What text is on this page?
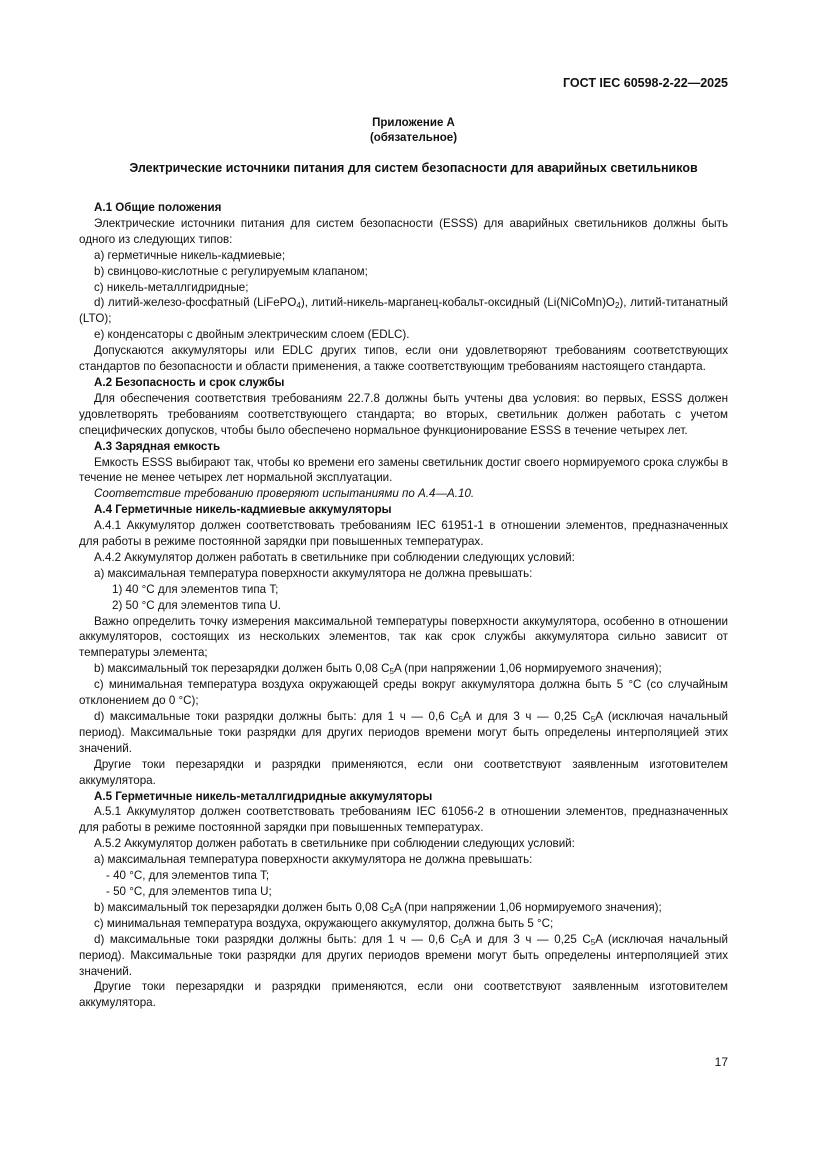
ГОСТ IEC 60598-2-22—2025
Приложение А
(обязательное)
Электрические источники питания для систем безопасности для аварийных светильников
А.1 Общие положения

Электрические источники питания для систем безопасности (ESSS) для аварийных светильников должны быть одного из следующих типов:

a) герметичные никель-кадмиевые;

b) свинцово-кислотные с регулируемым клапаном;

c) никель-металлгидридные;

d) литий-железо-фосфатный (LiFePO$_4$), литий-никель-марганец-кобальт-оксидный $(Li(NiCoMn)O_2)$, литий-титанатный (LTO);

e) конденсаторы с двойным электрическим слоем (EDLC).

Допускаются аккумуляторы или EDLC других типов, если они удовлетворяют требованиям соответствующих стандартов по безопасности и области применения, а также соответствующим требованиям настоящего стандарта.

А.2 Безопасность и срок службы

Для обеспечения соответствия требованиям 22.7.8 должны быть учтены два условия: во первых, ESSS должен удовлетворять требованиям соответствующего стандарта; во вторых, светильник должен работать с учетом специфических допусков, чтобы было обеспечено нормальное функционирование ESSS в течение четырех лет.

А.3 Зарядная емкость

Емкость ESSS выбирают так, чтобы ко времени его замены светильник достиг своего нормируемого срока службы в течение не менее четырех лет нормальной эксплуатации.

Соответствие требованию проверяют испытаниями по А.4—А.10.

А.4 Герметичные никель-кадмиевые аккумуляторы

А.4.1 Аккумулятор должен соответствовать требованиям IEC 61951-1 в отношении элементов, предназначенных для работы в режиме постоянной зарядки при повышенных температурах.

А.4.2 Аккумулятор должен работать в светильнике при соблюдении следующих условий:

a) максимальная температура поверхности аккумулятора не должна превышать:

1) 40 °C для элементов типа T;

2) 50 °C для элементов типа U.

Важно определить точку измерения максимальной температуры поверхности аккумулятора, особенно в отношении аккумуляторов, состоящих из нескольких элементов, так как срок службы аккумулятора сильно зависит от температуры элемента;

b) максимальный ток перезарядки должен быть 0,08 $C_5A$ (при напряжении 1,06 нормируемого значения);

c) минимальная температура воздуха окружающей среды вокруг аккумулятора должна быть 5 °C (со случайным отклонением до 0 °C);

d) максимальные токи разрядки должны быть: для 1 ч — 0,6 $C_5A$ и для 3 ч — 0,25 $C_5A$ (исключая начальный период). Максимальные токи разрядки для других периодов времени могут быть определены интерполяцией этих значений.

Другие токи перезарядки и разрядки применяются, если они соответствуют заявленным изготовителем аккумулятора.

А.5 Герметичные никель-металлгидридные аккумуляторы

А.5.1 Аккумулятор должен соответствовать требованиям IEC 61056-2 в отношении элементов, предназначенных для работы в режиме постоянной зарядки при повышенных температурах.

А.5.2 Аккумулятор должен работать в светильнике при соблюдении следующих условий:

a) максимальная температура поверхности аккумулятора не должна превышать:

- 40 °C, для элементов типа T;

- 50 °C, для элементов типа U;

b) максимальный ток перезарядки должен быть 0,08 $C_5A$ (при напряжении 1,06 нормируемого значения);

c) минимальная температура воздуха, окружающего аккумулятор, должна быть 5 °C;

d) максимальные токи разрядки должны быть: для 1 ч — 0,6 $C_5A$ и для 3 ч — 0,25 $C_5A$ (исключая начальный период). Максимальные токи разрядки для других периодов времени могут быть определены интерполяцией этих значений.

Другие токи перезарядки и разрядки применяются, если они соответствуют заявленным изготовителем аккумулятора.

17
